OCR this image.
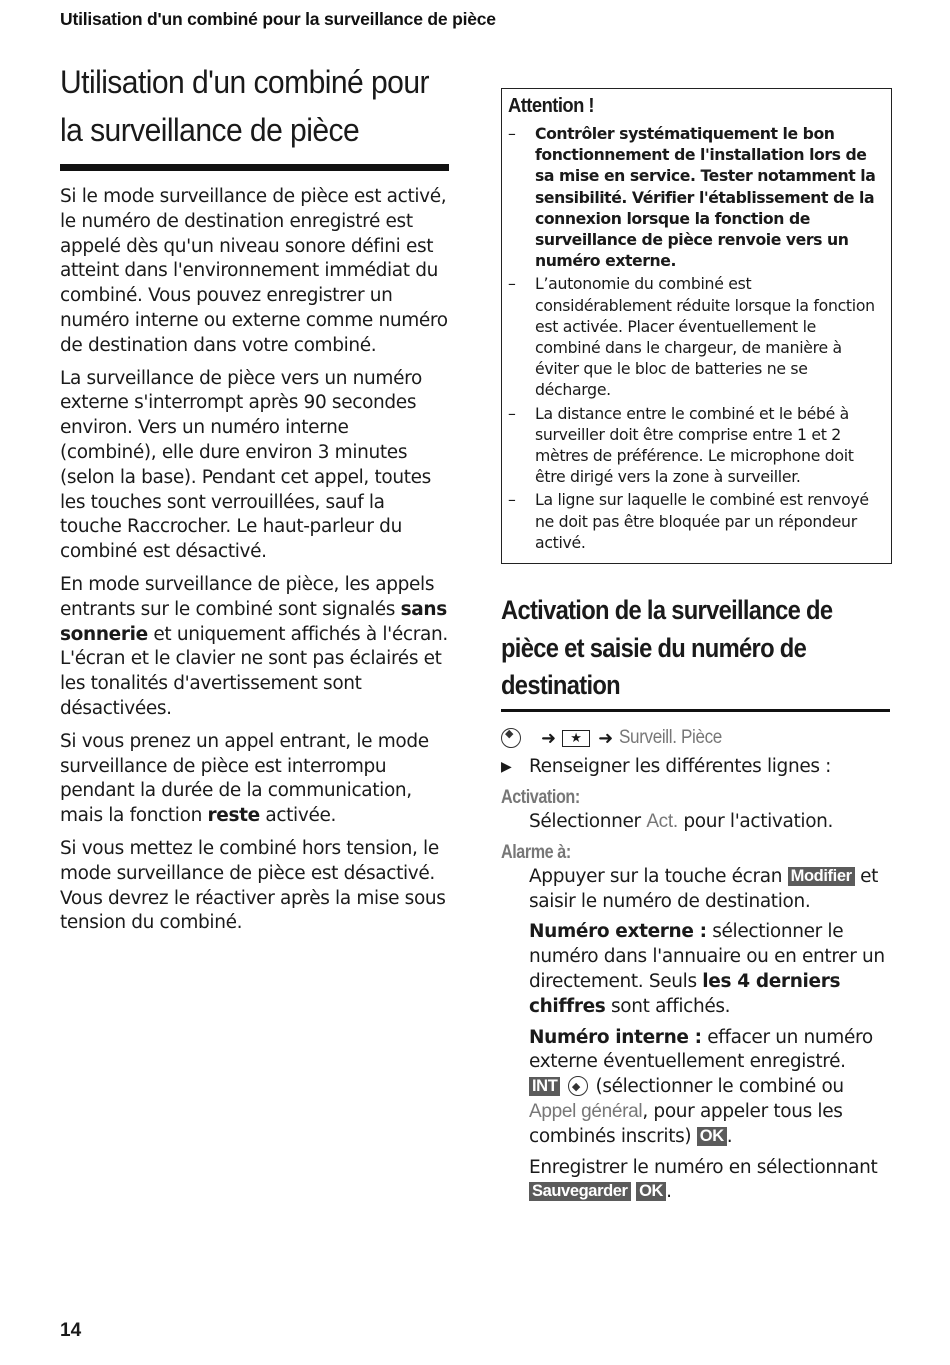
Utilisation d'un combiné pour la surveillance de pièce
Utilisation d'un combiné pour la surveillance de pièce

Si le mode surveillance de pièce est activé, le numéro de destination enregistré est appelé dès qu'un niveau sonore défini est atteint dans l'environnement immédiat du combiné. Vous pouvez enregistrer un numéro interne ou externe comme numéro de destination dans votre combiné.

La surveillance de pièce vers un numéro externe s'interrompt après 90 secondes environ. Vers un numéro interne (combiné), elle dure environ 3 minutes (selon la base). Pendant cet appel, toutes les touches sont verrouillées, sauf la touche Raccrocher. Le haut-parleur du combiné est désactivé.

En mode surveillance de pièce, les appels entrants sur le combiné sont signalés sans sonnerie et uniquement affichés à l'écran. L'écran et le clavier ne sont pas éclairés et les tonalités d'avertissement sont désactivées.

Si vous prenez un appel entrant, le mode surveillance de pièce est interrompu pendant la durée de la communication, mais la fonction reste activée.

Si vous mettez le combiné hors tension, le mode surveillance de pièce est désactivé. Vous devrez le réactiver après la mise sous tension du combiné.

Attention !
–	Contrôler systématiquement le bon fonctionnement de l'installation lors de sa mise en service. Tester notamment la sensibilité. Vérifier l'établissement de la connexion lorsque la fonction de surveillance de pièce renvoie vers un numéro externe.
–	L’autonomie du combiné est considérablement réduite lorsque la fonction est activée. Placer éventuellement le combiné dans le chargeur, de manière à éviter que le bloc de batteries ne se décharge.
–	La distance entre le combiné et le bébé à surveiller doit être comprise entre 1 et 2 mètres de préférence. Le microphone doit être dirigé vers la zone à surveiller.
–	La ligne sur laquelle le combiné est renvoyé ne doit pas être bloquée par un répondeur activé.
Activation de la surveillance de pièce et saisie du numéro de destination
◆
➜	★ ➜ Surveill. Pièce
▶ Renseigner les différentes lignes :
Activation:

Sélectionner Act. pour l'activation.

Alarme à:

Appuyer sur la touche écran Modifier et saisir le numéro de destination.

Numéro externe : sélectionner le numéro dans l'annuaire ou en entrer un directement. Seuls les 4 derniers chiffres sont affichés.

Numéro interne : effacer un numéro externe éventuellement enregistré.
INT ◆ (sélectionner le combiné ou Appel général, pour appeler tous les combinés inscrits) OK .

Enregistrer le numéro en sélectionnant
Sauvegarder OK .

14
